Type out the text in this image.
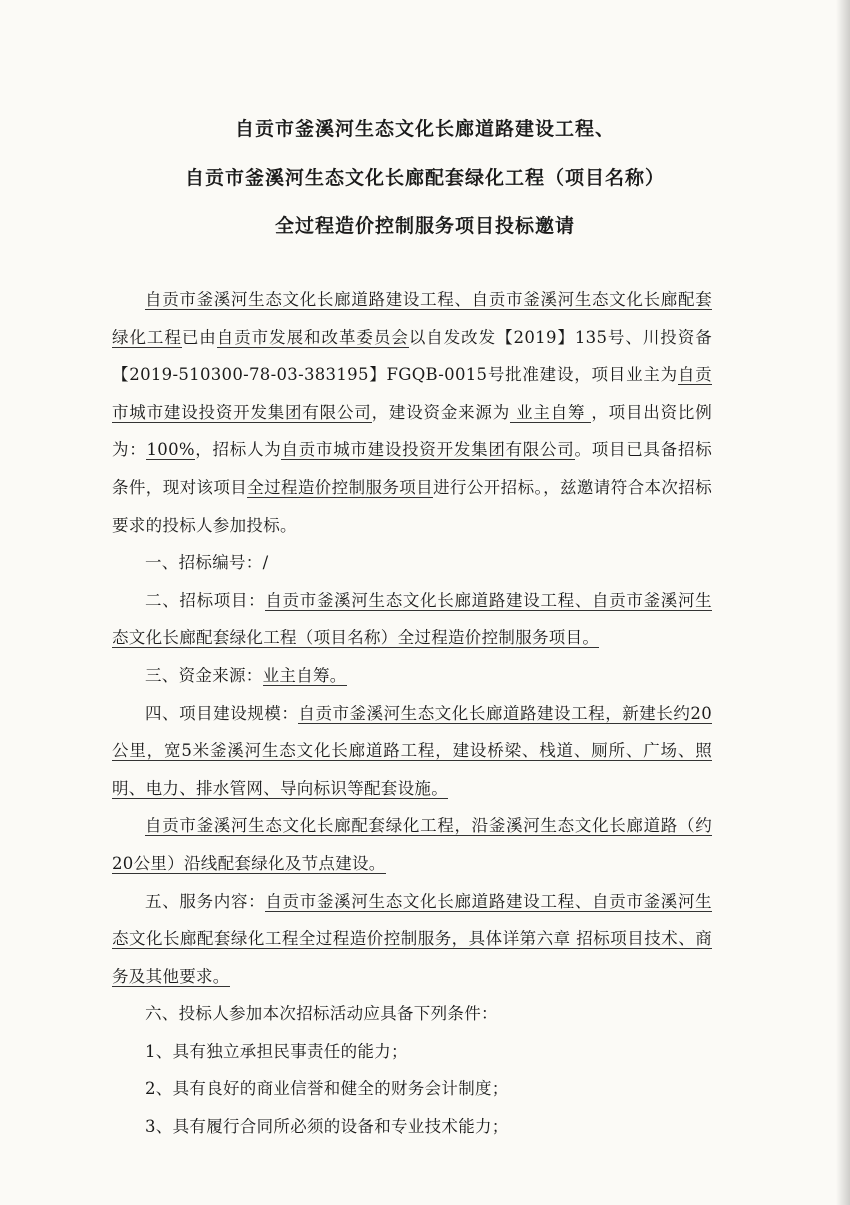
自贡市釜溪河生态文化长廊道路建设工程、
自贡市釜溪河生态文化长廊配套绿化工程（项目名称）
全过程造价控制服务项目投标邀请

自贡市釜溪河生态文化长廊道路建设工程、自贡市釜溪河生态文化长廊配套绿化工程已由自贡市发展和改革委员会以自发改发【2019】135号、川投资备【2019-510300-78-03-383195】FGQB-0015号批准建设，项目业主为自贡市城市建设投资开发集团有限公司，建设资金来源为 业主自筹 ，项目出资比例为：100%，招标人为自贡市城市建设投资开发集团有限公司。项目已具备招标条件，现对该项目全过程造价控制服务项目进行公开招标。，兹邀请符合本次招标要求的投标人参加投标。

一、招标编号：/

二、招标项目：自贡市釜溪河生态文化长廊道路建设工程、自贡市釜溪河生态文化长廊配套绿化工程（项目名称）全过程造价控制服务项目。

三、资金来源：业主自筹。

四、项目建设规模：自贡市釜溪河生态文化长廊道路建设工程，新建长约20公里，宽5米釜溪河生态文化长廊道路工程，建设桥梁、栈道、厕所、广场、照明、电力、排水管网、导向标识等配套设施。

自贡市釜溪河生态文化长廊配套绿化工程，沿釜溪河生态文化长廊道路（约20公里）沿线配套绿化及节点建设。

五、服务内容：自贡市釜溪河生态文化长廊道路建设工程、自贡市釜溪河生态文化长廊配套绿化工程全过程造价控制服务，具体详第六章 招标项目技术、商务及其他要求。

六、投标人参加本次招标活动应具备下列条件：

1、具有独立承担民事责任的能力；

2、具有良好的商业信誉和健全的财务会计制度；

3、具有履行合同所必须的设备和专业技术能力；
